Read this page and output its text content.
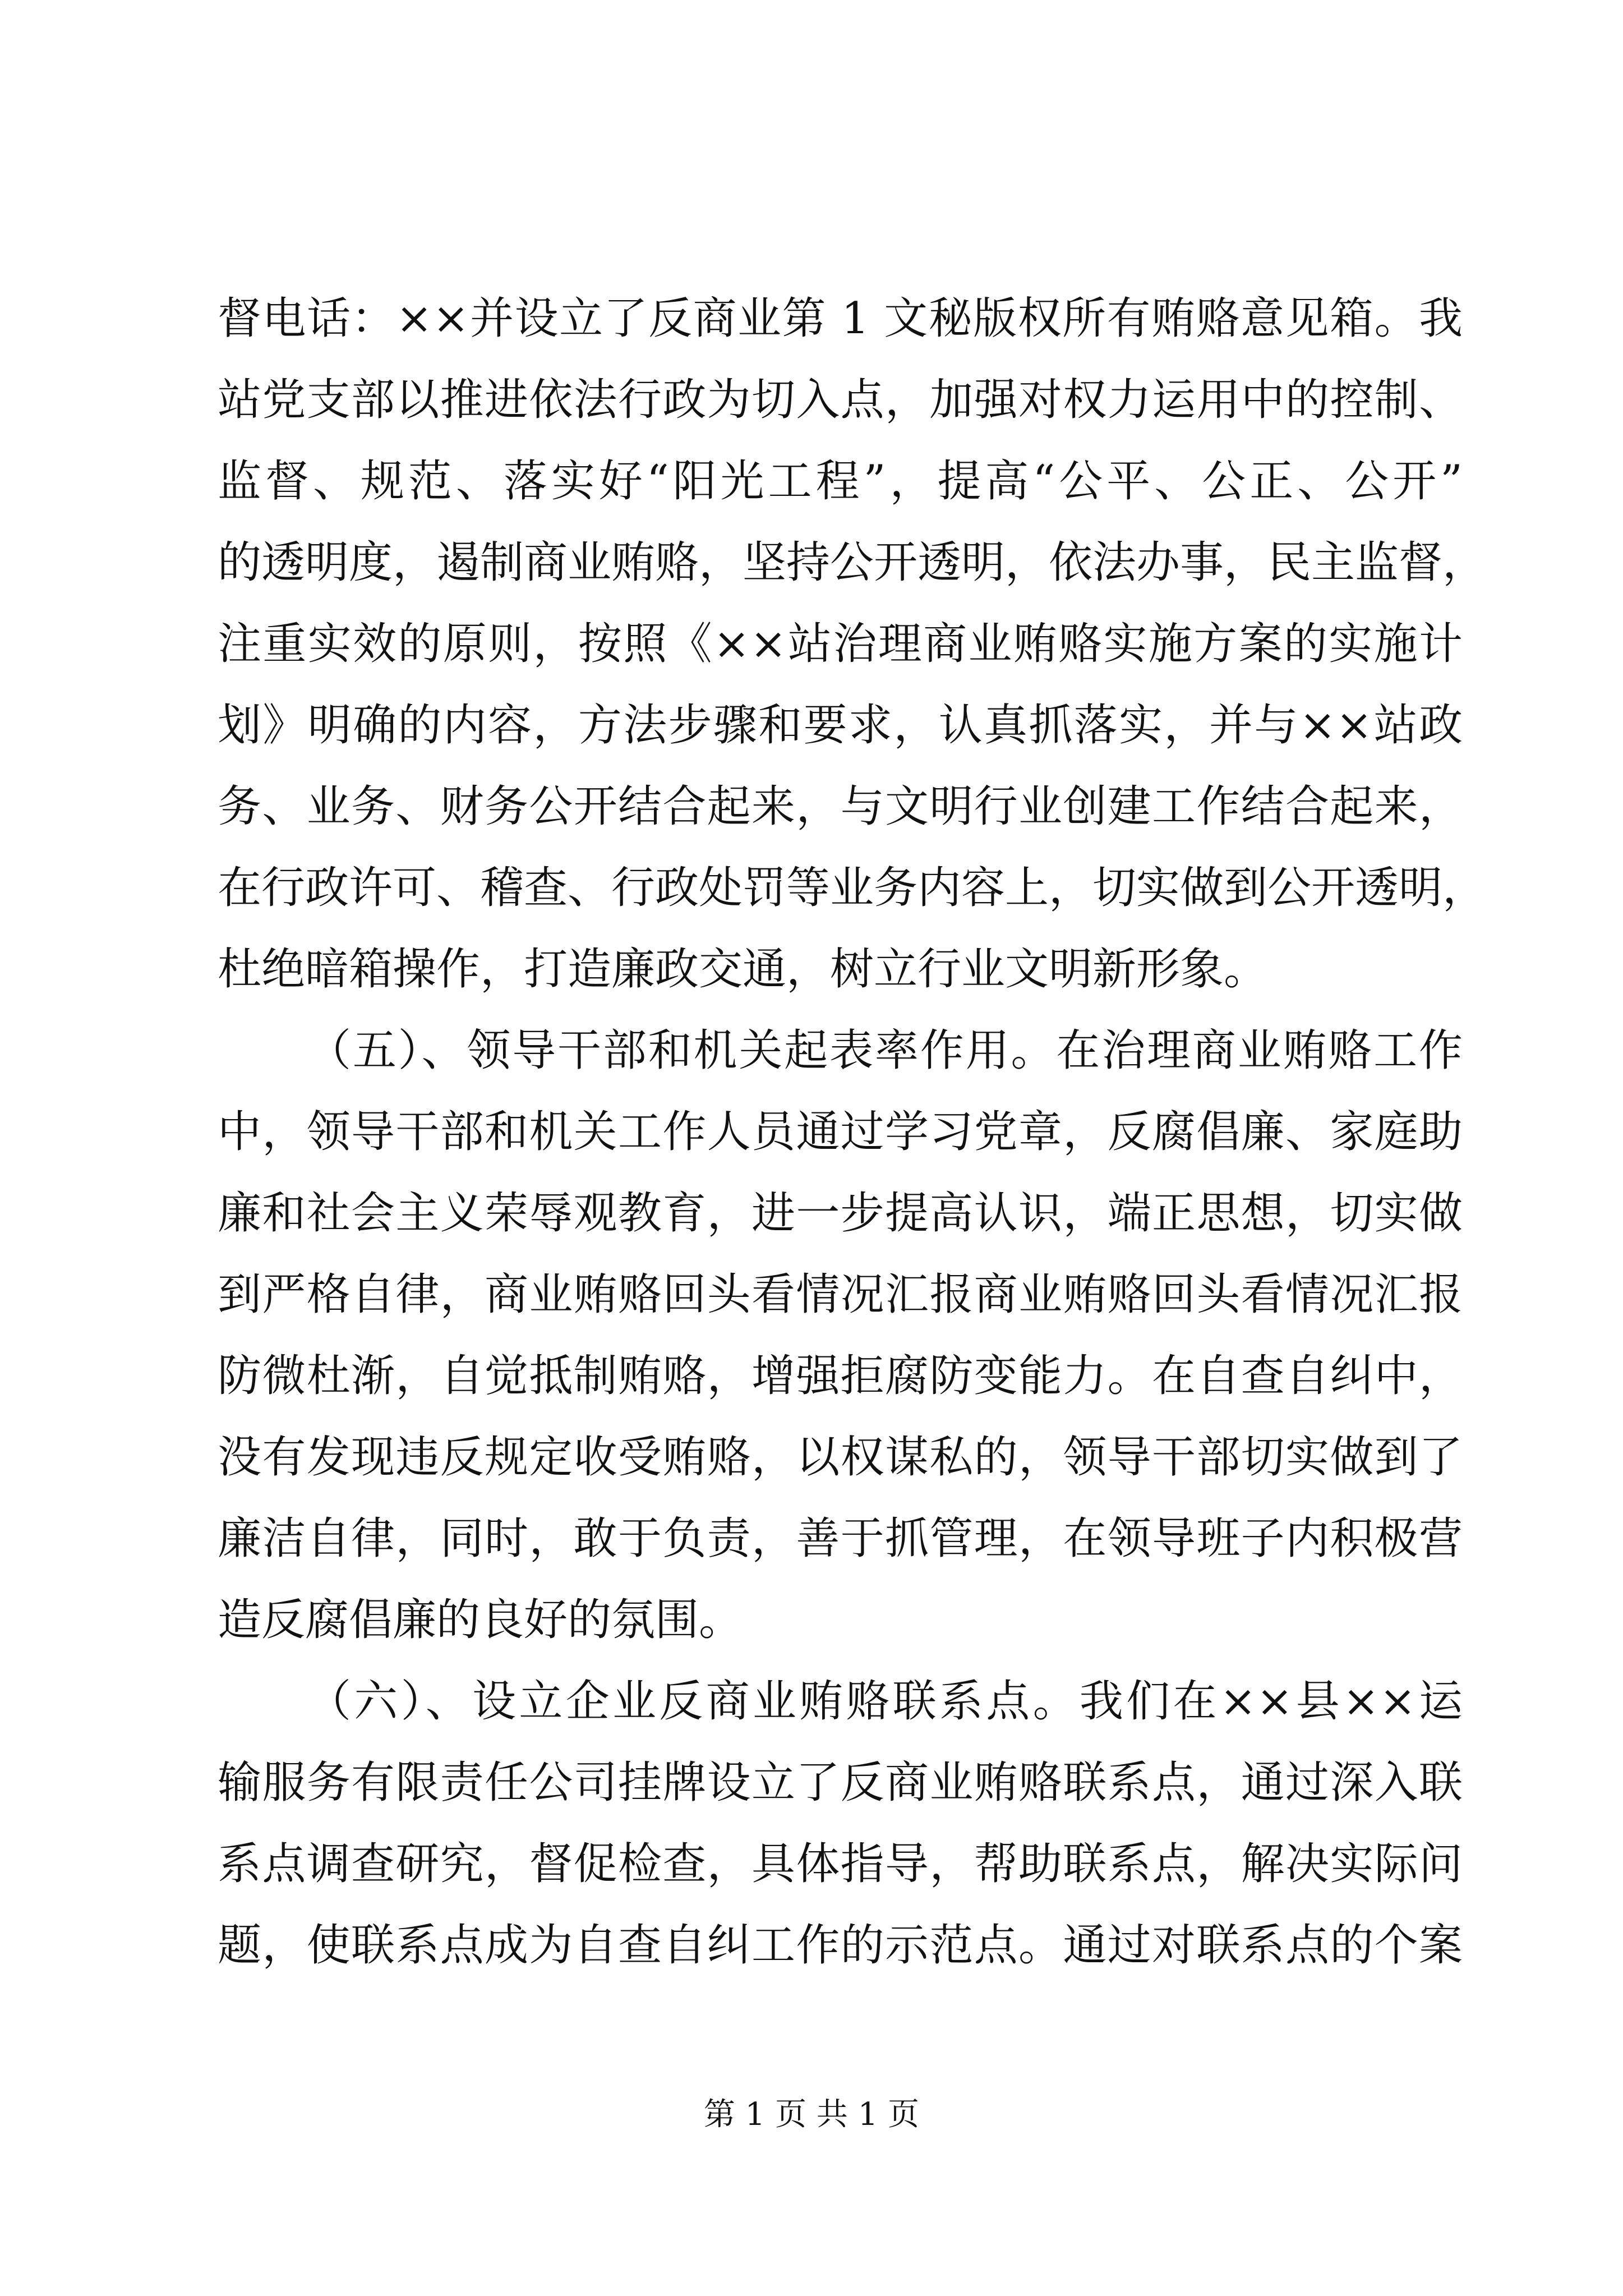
督电话：××并设立了反商业第 1 文秘版权所有贿赂意见箱。我
站党支部以推进依法行政为切入点，加强对权力运用中的控制、
监督、规范、落实好“阳光工程”，提高“公平、公正、公开”
的透明度，遏制商业贿赂，坚持公开透明，依法办事，民主监督，
注重实效的原则，按照《××站治理商业贿赂实施方案的实施计
划》明确的内容，方法步骤和要求，认真抓落实，并与××站政
务、业务、财务公开结合起来，与文明行业创建工作结合起来，
在行政许可、稽查、行政处罚等业务内容上，切实做到公开透明，
杜绝暗箱操作，打造廉政交通，树立行业文明新形象。
（五）、领导干部和机关起表率作用。在治理商业贿赂工作
中，领导干部和机关工作人员通过学习党章，反腐倡廉、家庭助
廉和社会主义荣辱观教育，进一步提高认识，端正思想，切实做
到严格自律，商业贿赂回头看情况汇报商业贿赂回头看情况汇报
防微杜渐，自觉抵制贿赂，增强拒腐防变能力。在自查自纠中，
没有发现违反规定收受贿赂，以权谋私的，领导干部切实做到了
廉洁自律，同时，敢于负责，善于抓管理，在领导班子内积极营
造反腐倡廉的良好的氛围。
（六）、设立企业反商业贿赂联系点。我们在××县××运
输服务有限责任公司挂牌设立了反商业贿赂联系点，通过深入联
系点调查研究，督促检查，具体指导，帮助联系点，解决实际问
题，使联系点成为自查自纠工作的示范点。通过对联系点的个案
第 1 页 共 1 页
